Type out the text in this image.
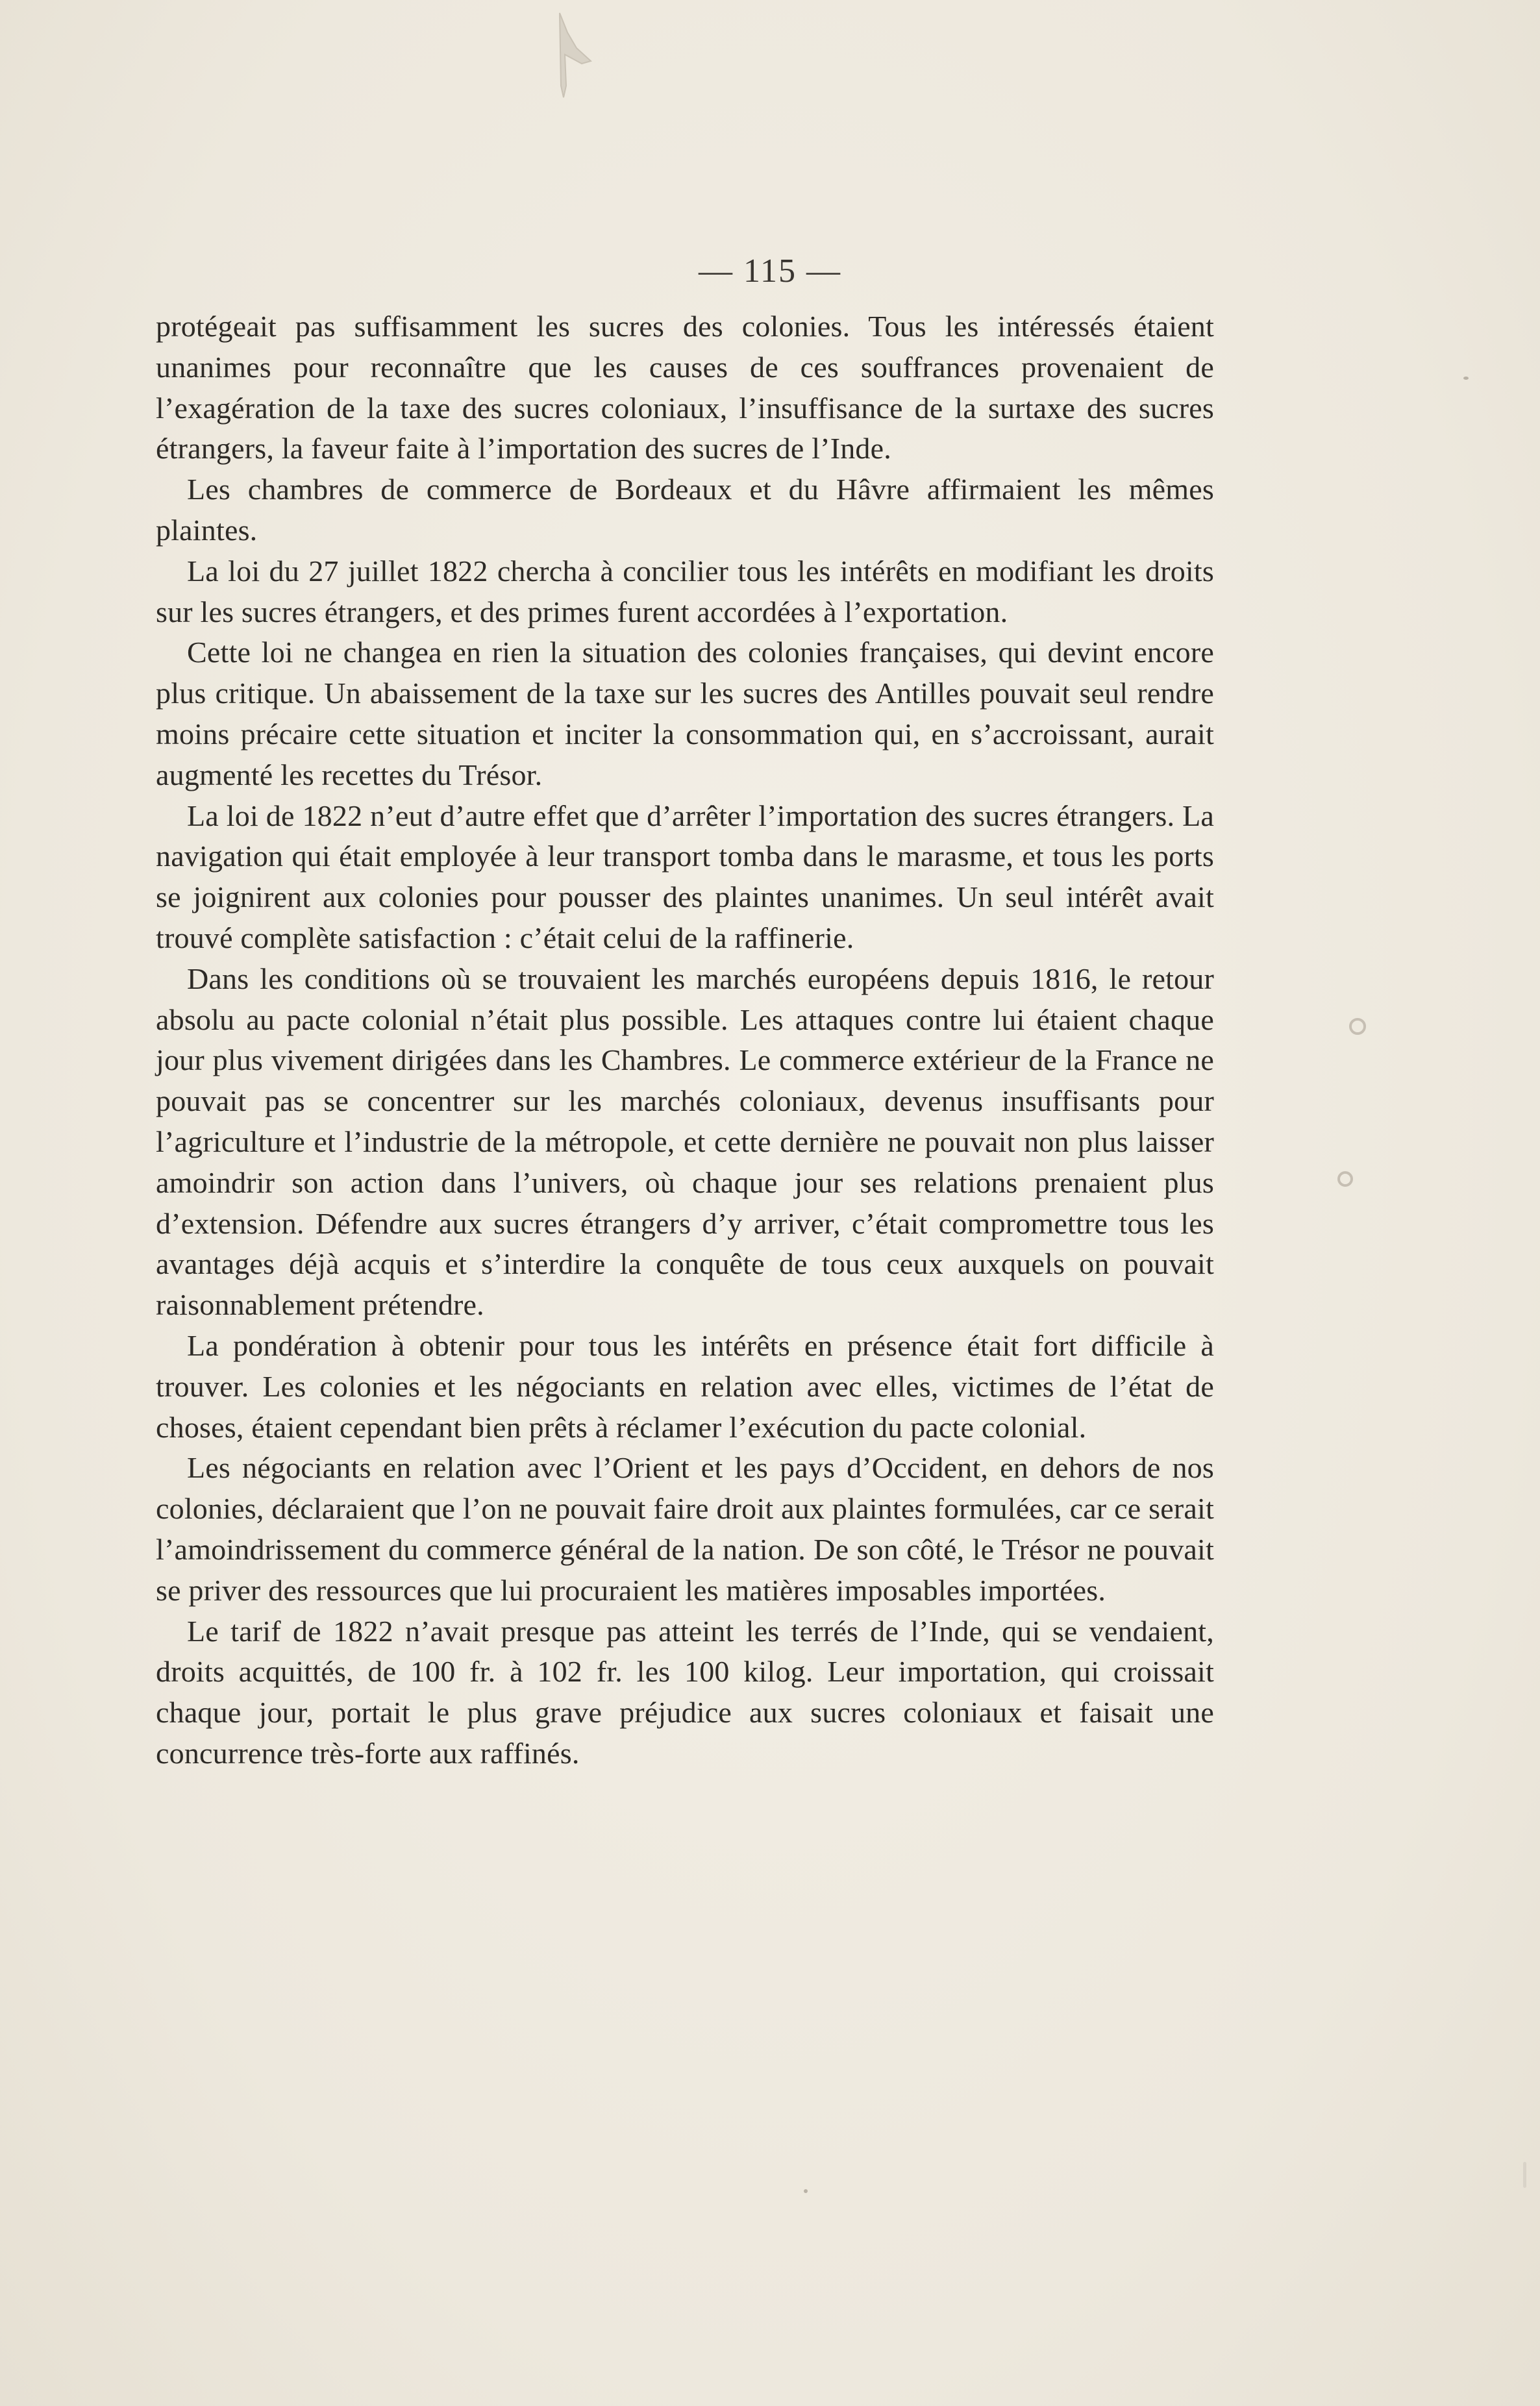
— 115 —

protégeait pas suffisamment les sucres des colonies. Tous les intéressés étaient unanimes pour reconnaître que les causes de ces souffrances provenaient de l’exagération de la taxe des sucres coloniaux, l’insuffisance de la surtaxe des sucres étrangers, la faveur faite à l’importation des sucres de l’Inde.

Les chambres de commerce de Bordeaux et du Hâvre affirmaient les mêmes plaintes.

La loi du 27 juillet 1822 chercha à concilier tous les intérêts en modifiant les droits sur les sucres étrangers, et des primes furent accordées à l’exportation.

Cette loi ne changea en rien la situation des colonies françaises, qui devint encore plus critique. Un abaissement de la taxe sur les sucres des Antilles pouvait seul rendre moins précaire cette situation et inciter la consommation qui, en s’accroissant, aurait augmenté les recettes du Trésor.

La loi de 1822 n’eut d’autre effet que d’arrêter l’importation des sucres étrangers. La navigation qui était employée à leur transport tomba dans le marasme, et tous les ports se joignirent aux colonies pour pousser des plaintes unanimes. Un seul intérêt avait trouvé complète satisfaction : c’était celui de la raffinerie.

Dans les conditions où se trouvaient les marchés européens depuis 1816, le retour absolu au pacte colonial n’était plus possible. Les attaques contre lui étaient chaque jour plus vivement dirigées dans les Chambres. Le commerce extérieur de la France ne pouvait pas se concentrer sur les marchés coloniaux, devenus insuffisants pour l’agriculture et l’industrie de la métropole, et cette dernière ne pouvait non plus laisser amoindrir son action dans l’univers, où chaque jour ses relations prenaient plus d’extension. Défendre aux sucres étrangers d’y arriver, c’était compromettre tous les avantages déjà acquis et s’interdire la conquête de tous ceux auxquels on pouvait raisonnablement prétendre.

La pondération à obtenir pour tous les intérêts en présence était fort difficile à trouver. Les colonies et les négociants en relation avec elles, victimes de l’état de choses, étaient cependant bien prêts à réclamer l’exécution du pacte colonial.

Les négociants en relation avec l’Orient et les pays d’Occident, en dehors de nos colonies, déclaraient que l’on ne pouvait faire droit aux plaintes formulées, car ce serait l’amoindrissement du commerce général de la nation. De son côté, le Trésor ne pouvait se priver des ressources que lui procuraient les matières imposables importées.

Le tarif de 1822 n’avait presque pas atteint les terrés de l’Inde, qui se vendaient, droits acquittés, de 100 fr. à 102 fr. les 100 kilog. Leur importation, qui croissait chaque jour, portait le plus grave préjudice aux sucres coloniaux et faisait une concurrence très-forte aux raffinés.
